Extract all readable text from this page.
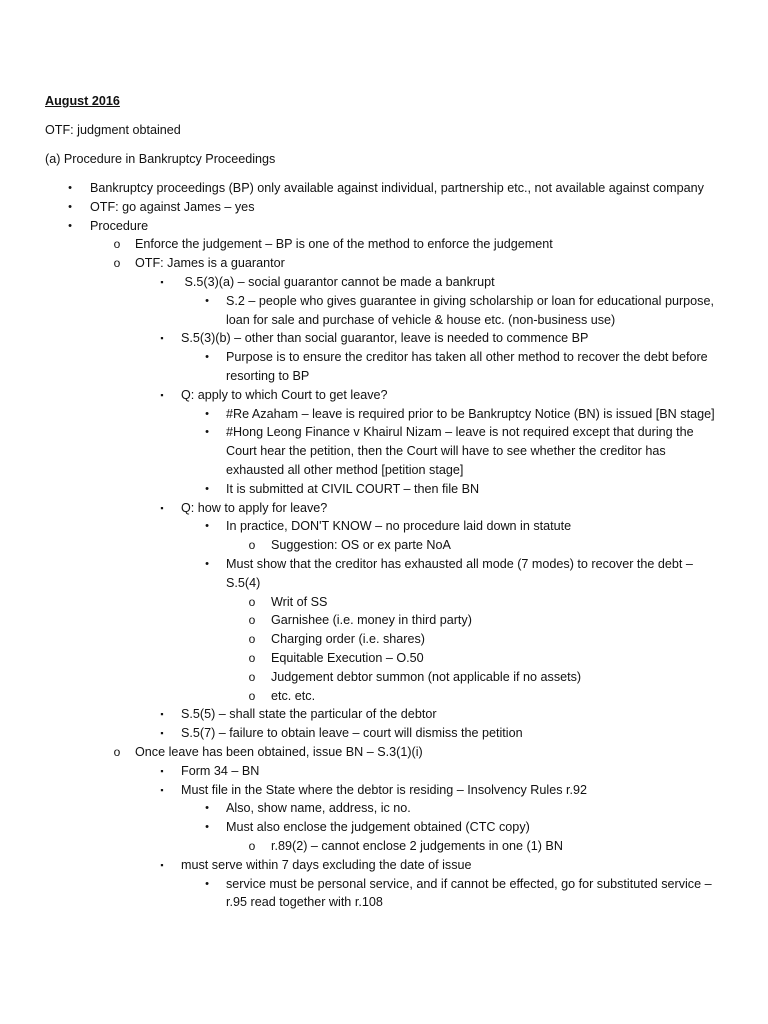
August 2016
OTF: judgment obtained
(a) Procedure in Bankruptcy Proceedings
•	Bankruptcy proceedings (BP) only available against individual, partnership etc., not available against company
•	OTF: go against James – yes
•	Procedure
o	Enforce the judgement – BP is one of the method to enforce the judgement
o	OTF: James is a guarantor
▪	S.5(3)(a) – social guarantor cannot be made a bankrupt
•	S.2 – people who gives guarantee in giving scholarship or loan for educational purpose,
loan for sale and purchase of vehicle & house etc. (non-business use)
▪	S.5(3)(b) – other than social guarantor, leave is needed to commence BP
•	Purpose is to ensure the creditor has taken all other method to recover the debt before
resorting to BP
▪	Q: apply to which Court to get leave?
•	#Re Azaham – leave is required prior to be Bankruptcy Notice (BN) is issued [BN stage]
•	#Hong Leong Finance v Khairul Nizam – leave is not required except that during the
Court hear the petition, then the Court will have to see whether the creditor has
exhausted all other method [petition stage]
•	It is submitted at CIVIL COURT – then file BN
▪	Q: how to apply for leave?
•	In practice, DON'T KNOW – no procedure laid down in statute
o	Suggestion: OS or ex parte NoA
•	Must show that the creditor has exhausted all mode (7 modes) to recover the debt –
S.5(4)
o	Writ of SS
o	Garnishee (i.e. money in third party)
o	Charging order (i.e. shares)
o	Equitable Execution – O.50
o	Judgement debtor summon (not applicable if no assets)
o	etc. etc.
▪	S.5(5) – shall state the particular of the debtor
▪	S.5(7) – failure to obtain leave – court will dismiss the petition
o	Once leave has been obtained, issue BN – S.3(1)(i)
▪	Form 34 – BN
▪	Must file in the State where the debtor is residing – Insolvency Rules r.92
•	Also, show name, address, ic no.
•	Must also enclose the judgement obtained (CTC copy)
o	r.89(2) – cannot enclose 2 judgements in one (1) BN
▪	must serve within 7 days excluding the date of issue
•	service must be personal service, and if cannot be effected, go for substituted service –
r.95 read together with r.108
